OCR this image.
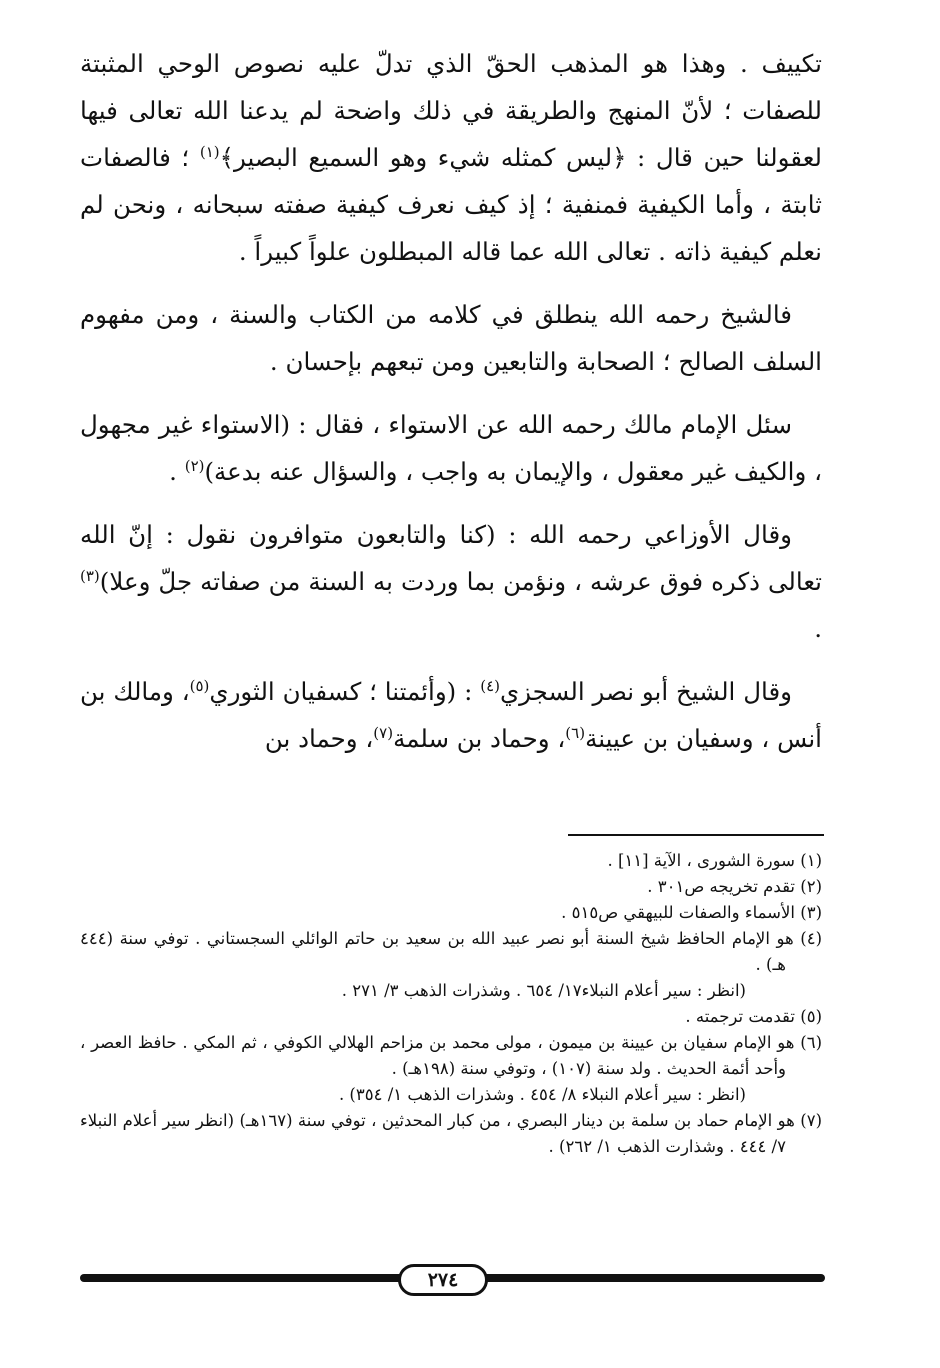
تكييف . وهذا هو المذهب الحقّ الذي تدلّ عليه نصوص الوحي المثبتة للصفات ؛ لأنّ المنهج والطريقة في ذلك واضحة لم يدعنا الله تعالى فيها لعقولنا حين قال : ﴿ليس كمثله شيء وهو السميع البصير﴾$^{(١)}$ ؛ فالصفات ثابتة ، وأما الكيفية فمنفية ؛ إذ كيف نعرف كيفية صفته سبحانه ، ونحن لم نعلم كيفية ذاته . تعالى الله عما قاله المبطلون علواً كبيراً .

فالشيخ رحمه الله ينطلق في كلامه من الكتاب والسنة ، ومن مفهوم السلف الصالح ؛ الصحابة والتابعين ومن تبعهم بإحسان .

سئل الإمام مالك رحمه الله عن الاستواء ، فقال : (الاستواء غير مجهول ، والكيف غير معقول ، والإيمان به واجب ، والسؤال عنه بدعة)$^{(٢)}$ .

وقال الأوزاعي رحمه الله : (كنا والتابعون متوافرون نقول : إنّ الله تعالى ذكره فوق عرشه ، ونؤمن بما وردت به السنة من صفاته جلّ وعلا)$^{(٣)}$ .

وقال الشيخ أبو نصر السجزي$^{(٤)}$ : (وأئمتنا ؛ كسفيان الثوري$^{(٥)}$، ومالك بن أنس ، وسفيان بن عيينة$^{(٦)}$، وحماد بن سلمة$^{(٧)}$، وحماد بن

(١) سورة الشورى ، الآية [١١] .

(٢) تقدم تخريجه ص٣٠١ .

(٣) الأسماء والصفات للبيهقي ص٥١٥ .

(٤) هو الإمام الحافظ شيخ السنة أبو نصر عبيد الله بن سعيد بن حاتم الوائلي السجستاني . توفي سنة (٤٤٤ هـ) .

(انظر : سير أعلام النبلاء١٧/ ٦٥٤ . وشذرات الذهب ٣/ ٢٧١ .

(٥) تقدمت ترجمته .

(٦) هو الإمام سفيان بن عيينة بن ميمون ، مولى محمد بن مزاحم الهلالي الكوفي ، ثم المكي . حافظ العصر ، وأحد أئمة الحديث . ولد سنة (١٠٧) ، وتوفي سنة (١٩٨هـ) .

(انظر : سير أعلام النبلاء ٨/ ٤٥٤ . وشذرات الذهب ١/ ٣٥٤) .

(٧) هو الإمام حماد بن سلمة بن دينار البصري ، من كبار المحدثين ، توفي سنة (١٦٧هـ) (انظر سير أعلام النبلاء ٧/ ٤٤٤ . وشذارت الذهب ١/ ٢٦٢) .

٢٧٤
